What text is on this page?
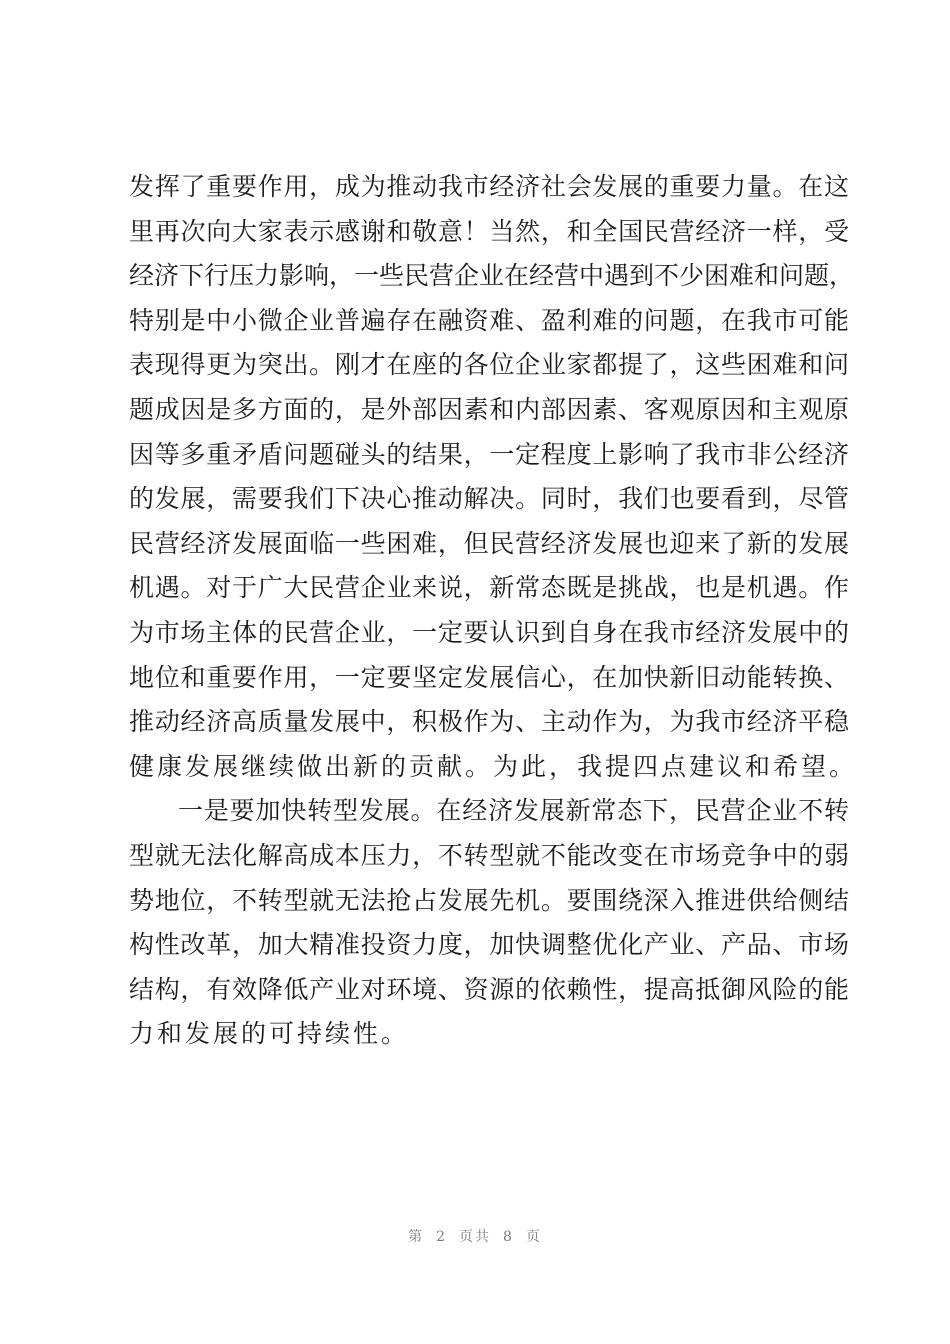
发挥了重要作用，成为推动我市经济社会发展的重要力量。在这
里再次向大家表示感谢和敬意！当然，和全国民营经济一样，受
经济下行压力影响，一些民营企业在经营中遇到不少困难和问题，
特别是中小微企业普遍存在融资难、盈利难的问题，在我市可能
表现得更为突出。刚才在座的各位企业家都提了，这些困难和问
题成因是多方面的，是外部因素和内部因素、客观原因和主观原
因等多重矛盾问题碰头的结果，一定程度上影响了我市非公经济
的发展，需要我们下决心推动解决。同时，我们也要看到，尽管
民营经济发展面临一些困难，但民营经济发展也迎来了新的发展
机遇。对于广大民营企业来说，新常态既是挑战，也是机遇。作
为市场主体的民营企业，一定要认识到自身在我市经济发展中的
地位和重要作用，一定要坚定发展信心，在加快新旧动能转换、
推动经济高质量发展中，积极作为、主动作为，为我市经济平稳
健康发展继续做出新的贡献。为此，我提四点建议和希望。
一是要加快转型发展。在经济发展新常态下，民营企业不转
型就无法化解高成本压力，不转型就不能改变在市场竞争中的弱
势地位，不转型就无法抢占发展先机。要围绕深入推进供给侧结
构性改革，加大精准投资力度，加快调整优化产业、产品、市场
结构，有效降低产业对环境、资源的依赖性，提高抵御风险的能
力和发展的可持续性。
第 2 页共 8 页
